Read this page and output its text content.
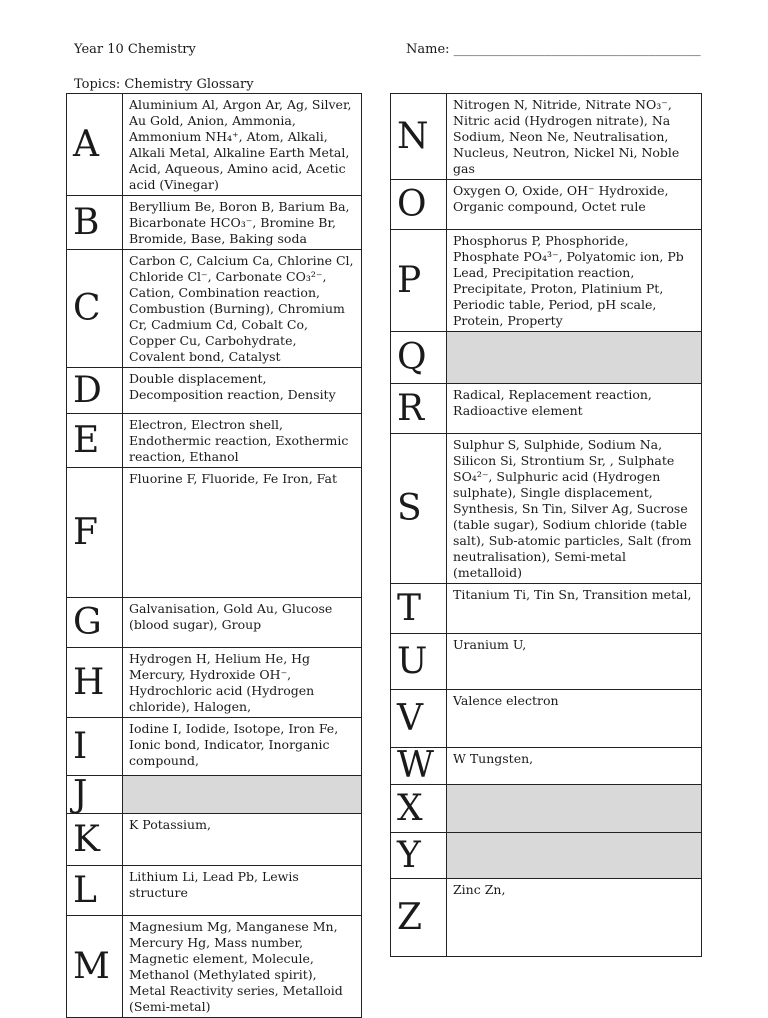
Year 10 Chemistry	Name: ______________________________________
Topics: Chemistry Glossary
A	Aluminium Al, Argon Ar, Ag, Silver, Au Gold, Anion, Ammonia, Ammonium NH₄⁺, Atom, Alkali, Alkali Metal, Alkaline Earth Metal, Acid, Aqueous, Amino acid, Acetic acid (Vinegar)

B	Beryllium Be, Boron B, Barium Ba, Bicarbonate HCO₃⁻, Bromine Br, Bromide, Base, Baking soda

C	Carbon C, Calcium Ca, Chlorine Cl, Chloride Cl⁻, Carbonate CO₃²⁻, Cation, Combination reaction, Combustion (Burning), Chromium Cr, Cadmium Cd, Cobalt Co, Copper Cu, Carbohydrate, Covalent bond, Catalyst

D	Double displacement, Decomposition reaction, Density

E	Electron, Electron shell, Endothermic reaction, Exothermic reaction, Ethanol

F	Fluorine F, Fluoride, Fe Iron, Fat

G	Galvanisation, Gold Au, Glucose (blood sugar), Group

H	Hydrogen H, Helium He, Hg Mercury, Hydroxide OH⁻, Hydrochloric acid (Hydrogen chloride), Halogen,

I	Iodine I, Iodide, Isotope, Iron Fe, Ionic bond, Indicator, Inorganic compound,

J	

K	K Potassium,

L	Lithium Li, Lead Pb, Lewis structure

M	Magnesium Mg, Manganese Mn, Mercury Hg, Mass number, Magnetic element, Molecule, Methanol (Methylated spirit), Metal Reactivity series, Metalloid (Semi-metal)
N	Nitrogen N, Nitride, Nitrate NO₃⁻, Nitric acid (Hydrogen nitrate), Na Sodium, Neon Ne, Neutralisation, Nucleus, Neutron, Nickel Ni, Noble gas

O	Oxygen O, Oxide, OH⁻ Hydroxide, Organic compound, Octet rule

P	Phosphorus P, Phosphoride, Phosphate PO₄³⁻, Polyatomic ion, Pb Lead, Precipitation reaction, Precipitate, Proton, Platinium Pt, Periodic table, Period, pH scale, Protein, Property

Q	

R	Radical, Replacement reaction, Radioactive element

S	Sulphur S, Sulphide, Sodium Na, Silicon Si, Strontium Sr, , Sulphate SO₄²⁻, Sulphuric acid (Hydrogen sulphate), Single displacement, Synthesis, Sn Tin, Silver Ag, Sucrose (table sugar), Sodium chloride (table salt), Sub-atomic particles, Salt (from neutralisation), Semi-metal (metalloid)

T	Titanium Ti, Tin Sn, Transition metal,

U	Uranium U,

V	Valence electron

W	W Tungsten,

X	

Y	

Z	Zinc Zn,
